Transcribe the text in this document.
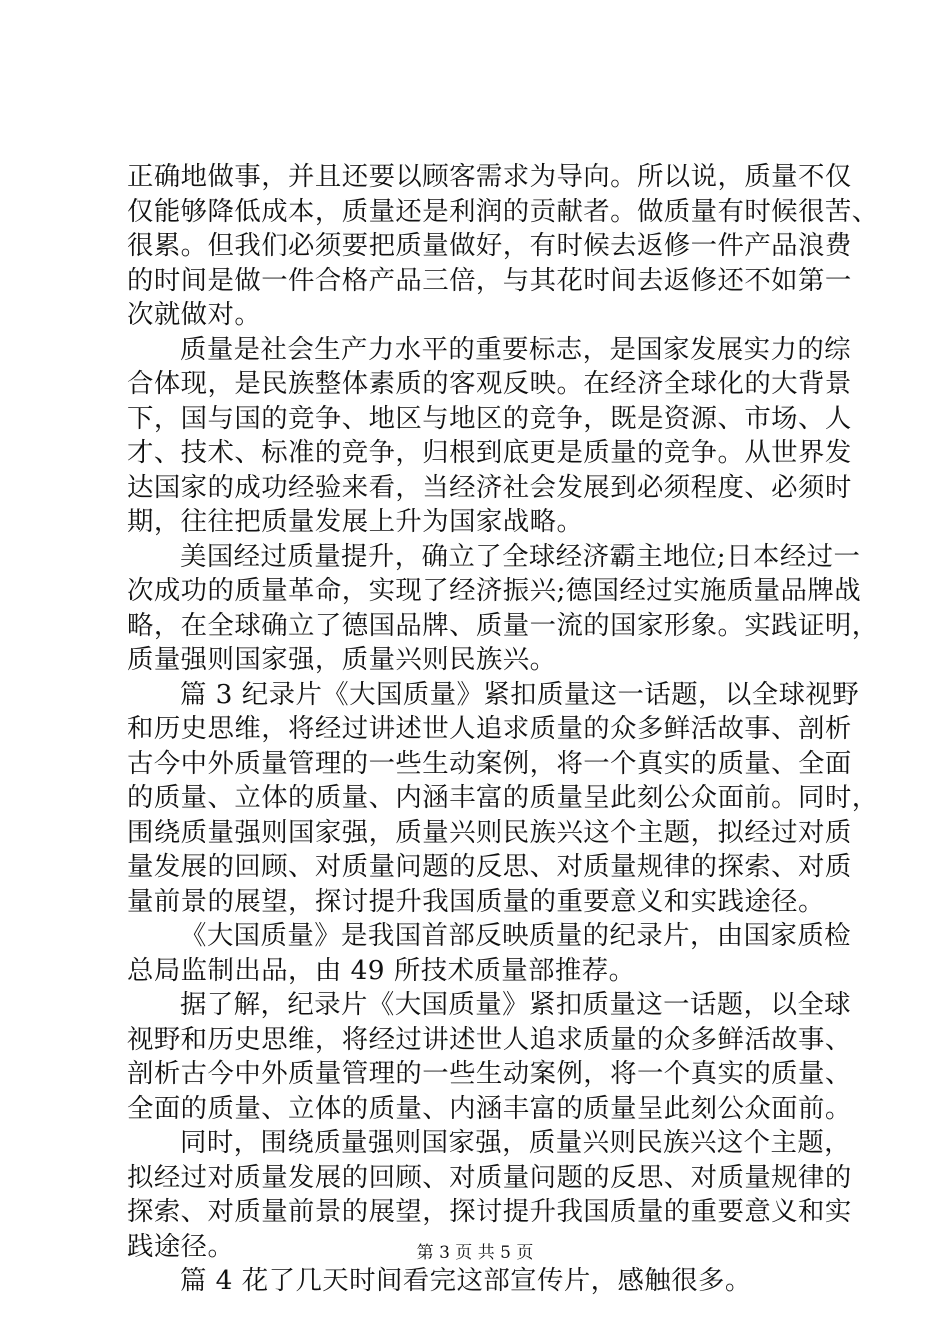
正确地做事，并且还要以顾客需求为导向。所以说，质量不仅
仅能够降低成本，质量还是利润的贡献者。做质量有时候很苦、
很累。但我们必须要把质量做好，有时候去返修一件产品浪费
的时间是做一件合格产品三倍，与其花时间去返修还不如第一
次就做对。
质量是社会生产力水平的重要标志，是国家发展实力的综
合体现，是民族整体素质的客观反映。在经济全球化的大背景
下，国与国的竞争、地区与地区的竞争，既是资源、市场、人
才、技术、标准的竞争，归根到底更是质量的竞争。从世界发
达国家的成功经验来看，当经济社会发展到必须程度、必须时
期，往往把质量发展上升为国家战略。
美国经过质量提升，确立了全球经济霸主地位;日本经过一
次成功的质量革命，实现了经济振兴;德国经过实施质量品牌战
略，在全球确立了德国品牌、质量一流的国家形象。实践证明，
质量强则国家强，质量兴则民族兴。
篇 3 纪录片《大国质量》紧扣质量这一话题，以全球视野
和历史思维，将经过讲述世人追求质量的众多鲜活故事、剖析
古今中外质量管理的一些生动案例，将一个真实的质量、全面
的质量、立体的质量、内涵丰富的质量呈此刻公众面前。同时，
围绕质量强则国家强，质量兴则民族兴这个主题，拟经过对质
量发展的回顾、对质量问题的反思、对质量规律的探索、对质
量前景的展望，探讨提升我国质量的重要意义和实践途径。
《大国质量》是我国首部反映质量的纪录片，由国家质检
总局监制出品，由 49 所技术质量部推荐。
据了解，纪录片《大国质量》紧扣质量这一话题，以全球
视野和历史思维，将经过讲述世人追求质量的众多鲜活故事、
剖析古今中外质量管理的一些生动案例，将一个真实的质量、
全面的质量、立体的质量、内涵丰富的质量呈此刻公众面前。
同时，围绕质量强则国家强，质量兴则民族兴这个主题，
拟经过对质量发展的回顾、对质量问题的反思、对质量规律的
探索、对质量前景的展望，探讨提升我国质量的重要意义和实
践途径。
篇 4 花了几天时间看完这部宣传片，感触很多。
第 3 页 共 5 页
